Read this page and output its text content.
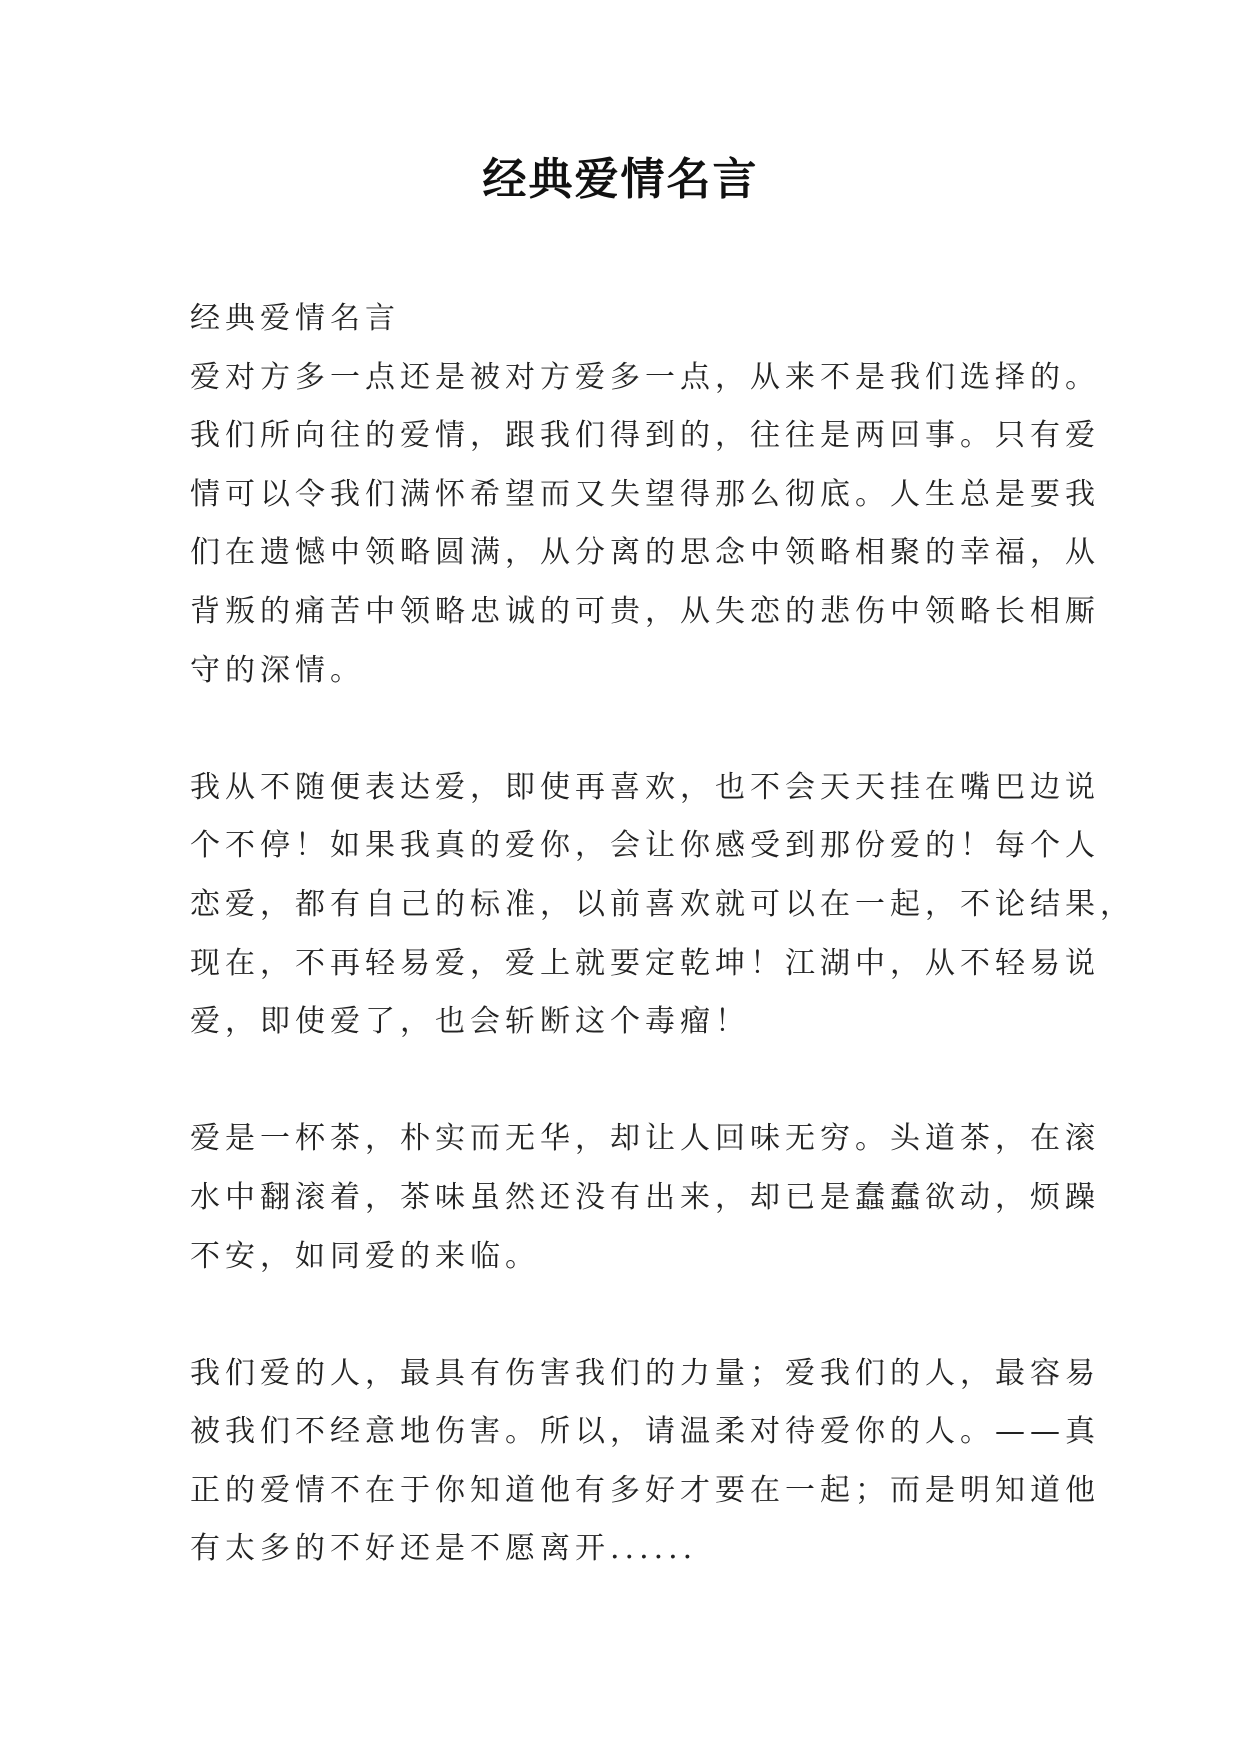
经典爱情名言
经典爱情名言
爱对方多一点还是被对方爱多一点，从来不是我们选择的。
我们所向往的爱情，跟我们得到的，往往是两回事。只有爱
情可以令我们满怀希望而又失望得那么彻底。人生总是要我
们在遗憾中领略圆满，从分离的思念中领略相聚的幸福，从
背叛的痛苦中领略忠诚的可贵，从失恋的悲伤中领略长相厮
守的深情。
我从不随便表达爱，即使再喜欢，也不会天天挂在嘴巴边说
个不停！如果我真的爱你，会让你感受到那份爱的！每个人
恋爱，都有自己的标准，以前喜欢就可以在一起，不论结果，
现在，不再轻易爱，爱上就要定乾坤！江湖中，从不轻易说
爱，即使爱了，也会斩断这个毒瘤！
爱是一杯茶，朴实而无华，却让人回味无穷。头道茶，在滚
水中翻滚着，茶味虽然还没有出来，却已是蠢蠢欲动，烦躁
不安，如同爱的来临。
我们爱的人，最具有伤害我们的力量；爱我们的人，最容易
被我们不经意地伤害。所以，请温柔对待爱你的人。——真
正的爱情不在于你知道他有多好才要在一起；而是明知道他
有太多的不好还是不愿离开......
